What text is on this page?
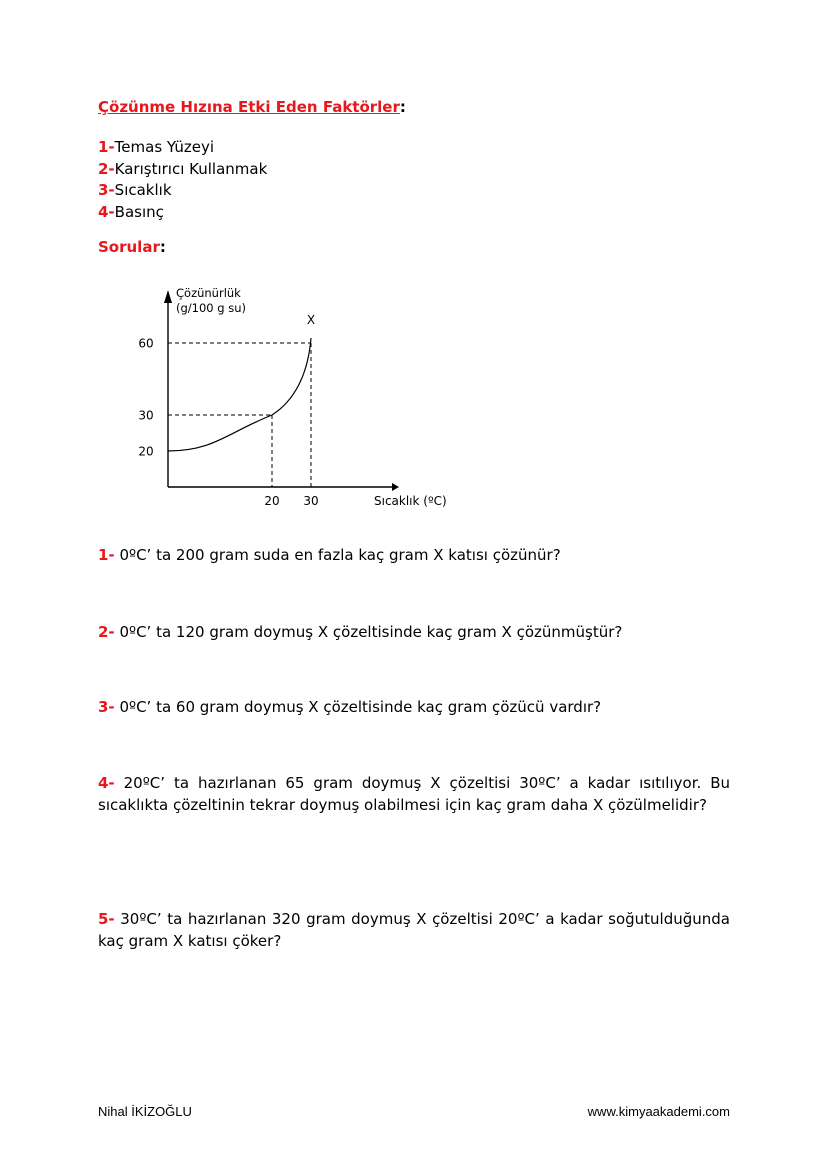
Çözünme Hızına Etki Eden Faktörler:
1-Temas Yüzeyi
2-Karıştırıcı Kullanmak
3-Sıcaklık
4-Basınç
Sorular:
X
60
30
20
20 30
Çözünürlük
(g/100 g su)
Sıcaklık (ºC)
1- 0ºC’ ta 200 gram suda en fazla kaç gram X katısı çözünür?
2- 0ºC’ ta 120 gram doymuş X çözeltisinde kaç gram X çözünmüştür?
3- 0ºC’ ta 60 gram doymuş X çözeltisinde kaç gram çözücü vardır?
4- 20ºC’ ta hazırlanan 65 gram doymuş X çözeltisi 30ºC’ a kadar ısıtılıyor. Bu sıcaklıkta çözeltinin tekrar doymuş olabilmesi için kaç gram daha X çözülmelidir?
5- 30ºC’ ta hazırlanan 320 gram doymuş X çözeltisi 20ºC’ a kadar soğutulduğunda kaç gram X katısı çöker?
Nihal İKİZOĞLU	www.kimyaakademi.com
